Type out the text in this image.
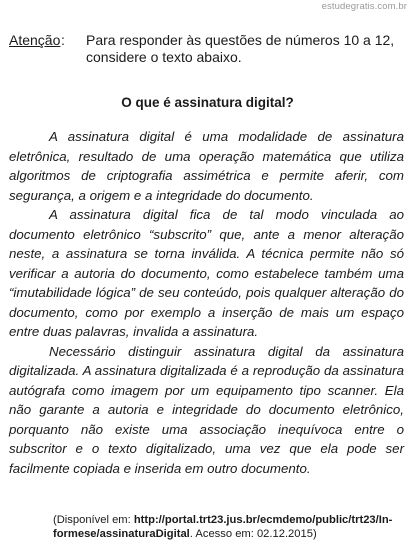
estudegratis.com.br
Atenção : Para responder às questões de números 10 a 12, considere o texto abaixo.
O que é assinatura digital?

A assinatura digital é uma modalidade de assinatura eletrônica, resultado de uma operação matemática que utiliza algoritmos de criptografia assimétrica e permite aferir, com segurança, a origem e a integridade do documento.

A assinatura digital fica de tal modo vinculada ao documento eletrônico “subscrito” que, ante a menor alteração neste, a assinatura se torna inválida. A técnica permite não só verificar a autoria do documento, como estabelece também uma “imutabilidade lógica” de seu conteúdo, pois qualquer alteração do documento, como por exemplo a inserção de mais um espaço entre duas palavras, invalida a assinatura.

Necessário distinguir assinatura digital da assinatura digitalizada. A assinatura digitalizada é a reprodução da assinatura autógrafa como imagem por um equipamento tipo scanner. Ela não garante a autoria e integridade do documento eletrônico, porquanto não existe uma associação inequívoca entre o subscritor e o texto digitalizado, uma vez que ela pode ser facilmente copiada e inserida em outro documento.

(Disponível em: http://portal.trt23.jus.br/ecmdemo/public/trt23/In-formese/assinaturaDigital. Acesso em: 02.12.2015)
